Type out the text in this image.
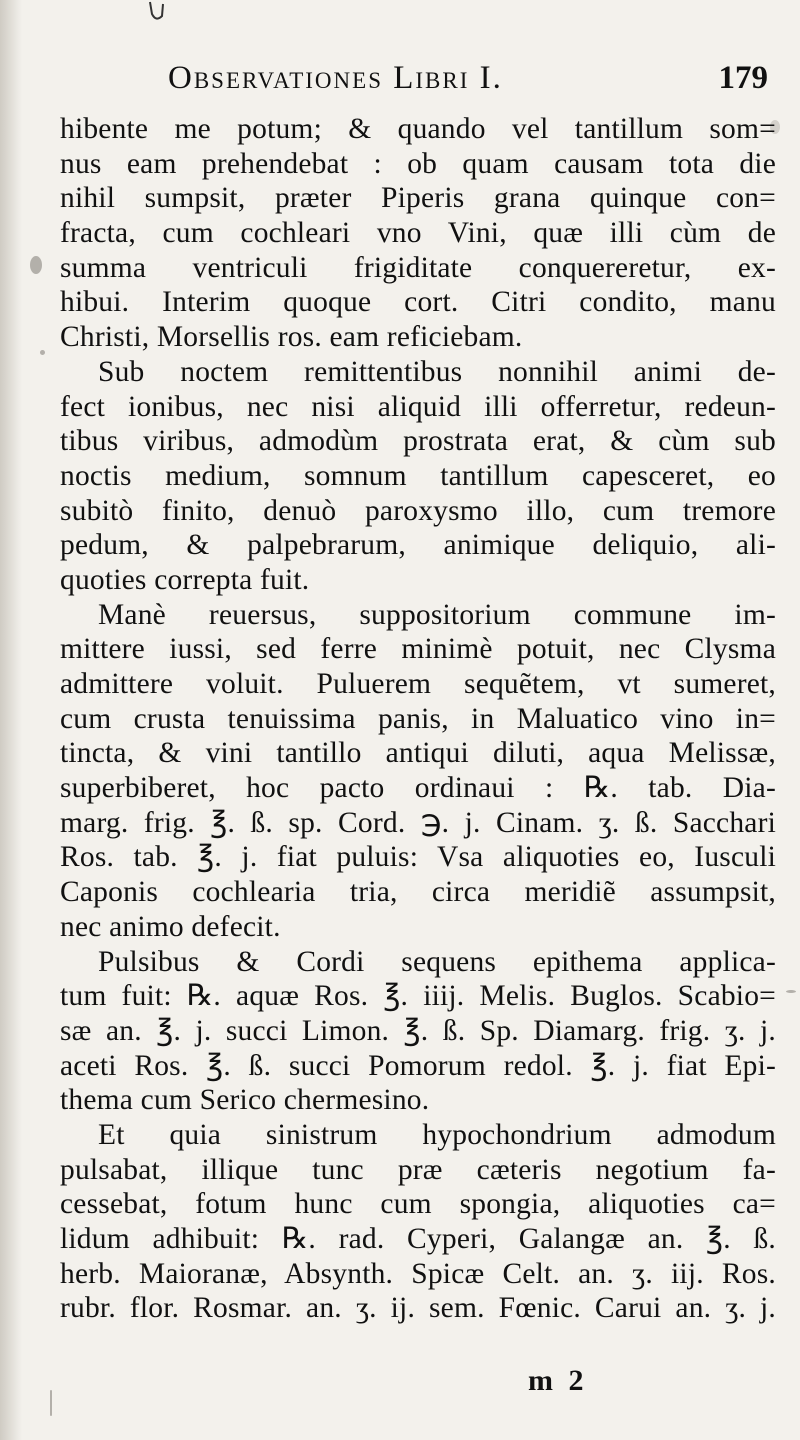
Observationes Libri I.	179
hibente me potum; & quando vel tantillum som=
nus eam prehendebat : ob quam causam tota die
nihil sumpsit, præter Piperis grana quinque con=
fracta, cum cochleari vno Vini, quæ illi cùm de
summa ventriculi frigiditate conquereretur, ex-
hibui. Interim quoque cort. Citri condito, manu
Christi, Morsellis ros. eam reficiebam.
Sub noctem remittentibus nonnihil animi de-
fect ionibus, nec nisi aliquid illi offerretur, redeun-
tibus viribus, admodùm prostrata erat, & cùm sub
noctis medium, somnum tantillum capesceret, eo
subitò finito, denuò paroxysmo illo, cum tremore
pedum, & palpebrarum, animique deliquio, ali-
quoties correpta fuit.
Manè reuersus, suppositorium commune im-
mittere iussi, sed ferre minimè potuit, nec Clysma
admittere voluit. Puluerem sequẽtem, vt sumeret,
cum crusta tenuissima panis, in Maluatico vino in=
tincta, & vini tantillo antiqui diluti, aqua Melissæ,
superbiberet, hoc pacto ordinaui : ℞. tab. Dia-
marg. frig. ℥. ß. sp. Cord. ℈. j. Cinam. ʒ. ß. Sacchari
Ros. tab. ℥. j. fiat puluis: Vsa aliquoties eo, Iusculi
Caponis cochlearia tria, circa meridiẽ assumpsit,
nec animo defecit.
Pulsibus & Cordi sequens epithema applica-
tum fuit: ℞. aquæ Ros. ℥. iiij. Melis. Buglos. Scabio=
sæ an. ℥. j. succi Limon. ℥. ß. Sp. Diamarg. frig. ʒ. j.
aceti Ros. ℥. ß. succi Pomorum redol. ℥. j. fiat Epi-
thema cum Serico chermesino.
Et quia sinistrum hypochondrium admodum
pulsabat, illique tunc præ cæteris negotium fa-
cessebat, fotum hunc cum spongia, aliquoties ca=
lidum adhibuit: ℞. rad. Cyperi, Galangæ an. ℥. ß.
herb. Maioranæ, Absynth. Spicæ Celt. an. ʒ. iij. Ros.
rubr. flor. Rosmar. an. ʒ. ij. sem. Fœnic. Carui an. ʒ. j.
m 2
